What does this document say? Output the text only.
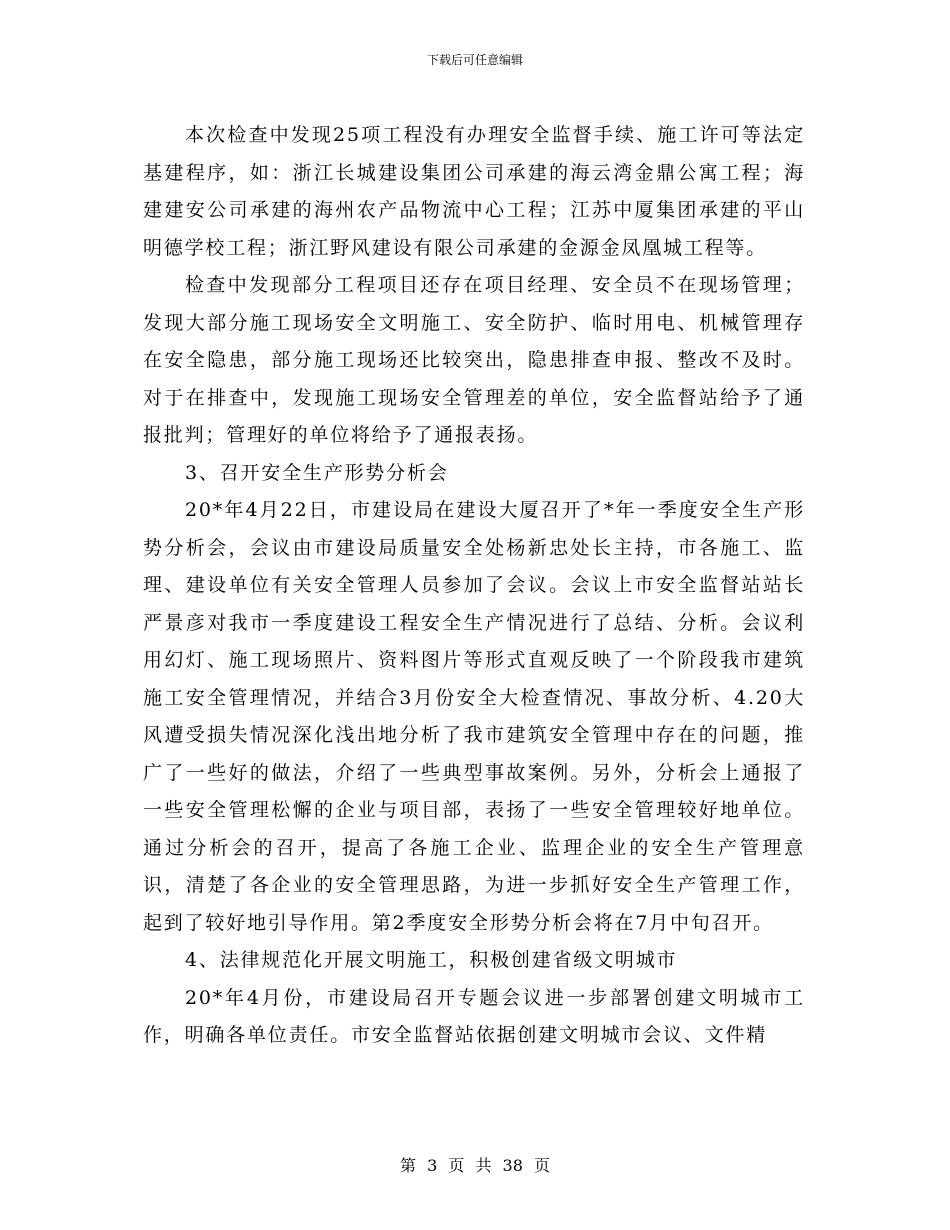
下载后可任意编辑

本次检查中发现25项工程没有办理安全监督手续、施工许可等法定基建程序，如：浙江长城建设集团公司承建的海云湾金鼎公寓工程；海建建安公司承建的海州农产品物流中心工程；江苏中厦集团承建的平山明德学校工程；浙江野风建设有限公司承建的金源金凤凰城工程等。

检查中发现部分工程项目还存在项目经理、安全员不在现场管理；发现大部分施工现场安全文明施工、安全防护、临时用电、机械管理存在安全隐患，部分施工现场还比较突出，隐患排查申报、整改不及时。对于在排查中，发现施工现场安全管理差的单位，安全监督站给予了通报批判；管理好的单位将给予了通报表扬。

3、召开安全生产形势分析会

20*年4月22日，市建设局在建设大厦召开了*年一季度安全生产形势分析会，会议由市建设局质量安全处杨新忠处长主持，市各施工、监理、建设单位有关安全管理人员参加了会议。会议上市安全监督站站长严景彦对我市一季度建设工程安全生产情况进行了总结、分析。会议利用幻灯、施工现场照片、资料图片等形式直观反映了一个阶段我市建筑施工安全管理情况，并结合3月份安全大检查情况、事故分析、4.20大风遭受损失情况深化浅出地分析了我市建筑安全管理中存在的问题，推广了一些好的做法，介绍了一些典型事故案例。另外，分析会上通报了一些安全管理松懈的企业与项目部，表扬了一些安全管理较好地单位。通过分析会的召开，提高了各施工企业、监理企业的安全生产管理意识，清楚了各企业的安全管理思路，为进一步抓好安全生产管理工作，起到了较好地引导作用。第2季度安全形势分析会将在7月中旬召开。

4、法律规范化开展文明施工，积极创建省级文明城市

20*年4月份，市建设局召开专题会议进一步部署创建文明城市工作，明确各单位责任。市安全监督站依据创建文明城市会议、文件精

第 3 页 共 38 页
